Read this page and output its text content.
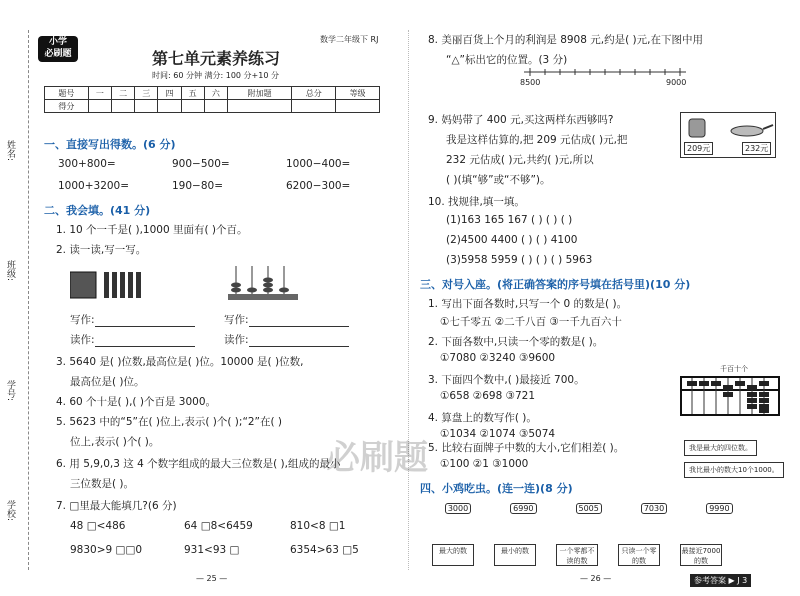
姓名:
班级:
学号:
学校:
小学
必刷题
数学二年级下 RJ
第七单元素养练习
时间: 60 分钟 满分: 100 分+10 分
题号	一	二	三	四	五	六	附加题	总分	等级
得分									
一、直接写出得数。(6 分)
300+800=	900−500=	1000−400=
1000+3200=	190−80=	6200−300=
二、我会填。(41 分)
1. 10 个一千是( ),1000 里面有( )个百。
2. 读一读,写一写。
写作:
读作:
写作:
读作:
3. 5640 是( )位数,最高位是( )位。10000 是( )位数,
最高位是( )位。
4. 60 个十是( ),( )个百是 3000。
5. 5623 中的“5”在( )位上,表示( )个( );“2”在( )
位上,表示( )个( )。
6. 用 5,9,0,3 这 4 个数字组成的最大三位数是( ),组成的最小
三位数是( )。
7. □里最大能填几?(6 分)
48 □<486	64 □8<6459	810<8 □1
9830>9 □□0	931<93 □	6354>63 □5
— 25 —
必刷题
8. 美丽百货上个月的利润是 8908 元,约是( )元,在下图中用
“△”标出它的位置。(3 分)
8500	9000
9. 妈妈带了 400 元,买这两样东西够吗?
我是这样估算的,把 209 元估成( )元,把
232 元估成( )元,共约( )元,所以
( )(填“够”或“不够”)。
209元	232元
10. 找规律,填一填。
(1)163 165 167 ( ) ( ) ( )
(2)4500 4400 ( ) ( ) 4100
(3)5958 5959 ( ) ( ) ( ) 5963
三、对号入座。(将正确答案的序号填在括号里)(10 分)
1. 写出下面各数时,只写一个 0 的数是( )。
①七千零五 ②二千八百 ③一千九百六十
2. 下面各数中,只读一个零的数是( )。
①7080 ②3240 ③9600
3. 下面四个数中,( )最接近 700。
①658 ②698 ③721
4. 算盘上的数写作( )。
①1034 ②1074 ③5074
5. 比较右面牌子中数的大小,它们相差( )。
①100 ②1 ③1000
千百十个
我是最大的四位数。
我比最小的数大10个1000。
四、小鸡吃虫。(连一连)(8 分)
3000	6990	5005	7030	9990
最大的数	最小的数	一个零都不读的数
只读一个零的数
最接近7000的数
— 26 —	参考答案 ▶ J 3
